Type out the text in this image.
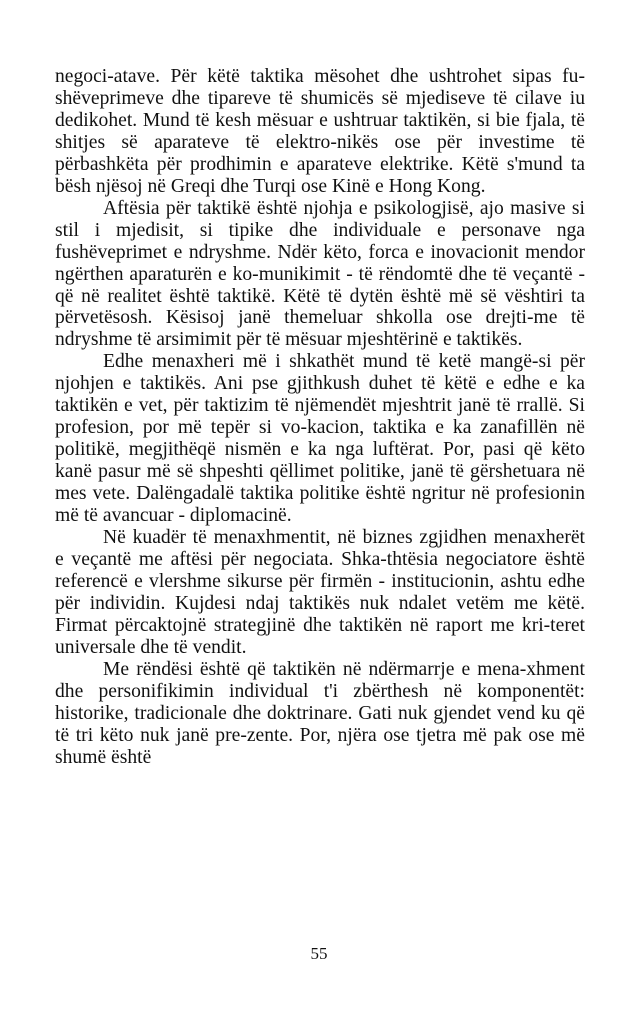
negoci-atave. Për këtë taktika mësohet dhe ushtrohet sipas fu-shëveprimeve dhe tipareve të shumicës së mjediseve të cilave iu dedikohet. Mund të kesh mësuar e ushtruar taktikën, si bie fjala, të shitjes së aparateve të elektro-nikës ose për investime të përbashkëta për prodhimin e aparateve elektrike. Këtë s'mund ta bësh njësoj në Greqi dhe Turqi ose Kinë e Hong Kong.

Aftësia për taktikë është njohja e psikologjisë, ajo masive si stil i mjedisit, si tipike dhe individuale e personave nga fushëveprimet e ndryshme. Ndër këto, forca e inovacionit mendor ngërthen aparaturën e ko-munikimit - të rëndomtë dhe të veçantë - që në realitet është taktikë. Këtë të dytën është më së vështiri ta përvetësosh. Kësisoj janë themeluar shkolla ose drejti-me të ndryshme të arsimimit për të mësuar mjeshtërinë e taktikës.

Edhe menaxheri më i shkathët mund të ketë mangë-si për njohjen e taktikës. Ani pse gjithkush duhet të këtë e edhe e ka taktikën e vet, për taktizim të njëmendët mjeshtrit janë të rrallë. Si profesion, por më tepër si vo-kacion, taktika e ka zanafillën në politikë, megjithëqë nismën e ka nga luftërat. Por, pasi që këto kanë pasur më së shpeshti qëllimet politike, janë të gërshetuara në mes vete. Dalëngadalë taktika politike është ngritur në profesionin më të avancuar - diplomacinë.

Në kuadër të menaxhmentit, në biznes zgjidhen menaxherët e veçantë me aftësi për negociata. Shka-thtësia negociatore është referencë e vlershme sikurse për firmën - institucionin, ashtu edhe për individin. Kujdesi ndaj taktikës nuk ndalet vetëm me këtë. Firmat përcaktojnë strategjinë dhe taktikën në raport me kri-teret universale dhe të vendit.

Me rëndësi është që taktikën në ndërmarrje e mena-xhment dhe personifikimin individual t'i zbërthesh në komponentët: historike, tradicionale dhe doktrinare. Gati nuk gjendet vend ku që të tri këto nuk janë pre-zente. Por, njëra ose tjetra më pak ose më shumë është

55
